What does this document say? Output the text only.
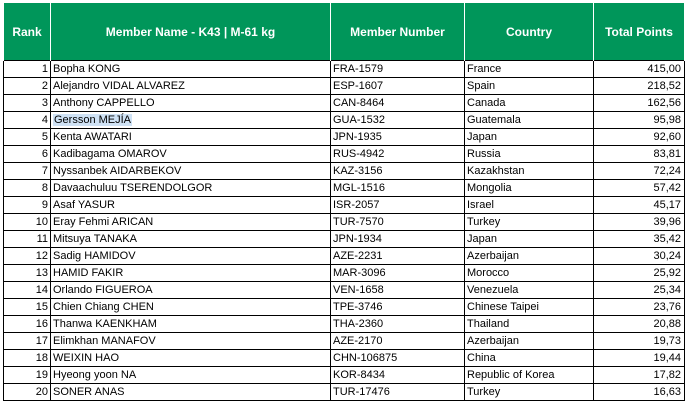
Rank	Member Name - K43 | M-61 kg	Member Number	Country	Total Points
1	Bopha KONG	FRA-1579	France	415,00
2	Alejandro VIDAL ALVAREZ	ESP-1607	Spain	218,52
3	Anthony CAPPELLO	CAN-8464	Canada	162,56
4	Gersson MEJÍA	GUA-1532	Guatemala	95,98
5	Kenta AWATARI	JPN-1935	Japan	92,60
6	Kadibagama OMAROV	RUS-4942	Russia	83,81
7	Nyssanbek AIDARBEKOV	KAZ-3156	Kazakhstan	72,24
8	Davaachuluu TSERENDOLGOR	MGL-1516	Mongolia	57,42
9	Asaf YASUR	ISR-2057	Israel	45,17
10	Eray Fehmi ARICAN	TUR-7570	Turkey	39,96
11	Mitsuya TANAKA	JPN-1934	Japan	35,42
12	Sadig HAMIDOV	AZE-2231	Azerbaijan	30,24
13	HAMID FAKIR	MAR-3096	Morocco	25,92
14	Orlando FIGUEROA	VEN-1658	Venezuela	25,34
15	Chien Chiang CHEN	TPE-3746	Chinese Taipei	23,76
16	Thanwa KAENKHAM	THA-2360	Thailand	20,88
17	Elimkhan MANAFOV	AZE-2170	Azerbaijan	19,73
18	WEIXIN HAO	CHN-106875	China	19,44
19	Hyeong yoon NA	KOR-8434	Republic of Korea	17,82
20	SONER ANAS	TUR-17476	Turkey	16,63
